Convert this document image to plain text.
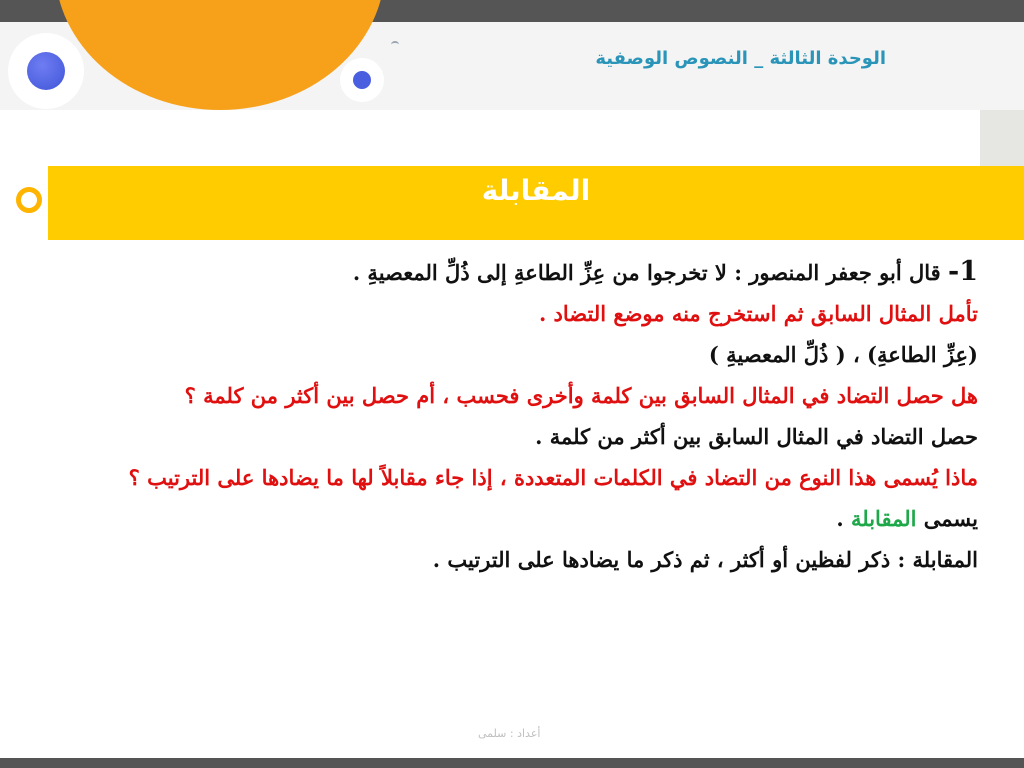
الوحدة الثالثة _ النصوص الوصفية
المقابلة

1- قال أبو جعفر المنصور : لا تخرجوا من عِزِّ الطاعةِ إلى ذُلِّ المعصيةِ .

تأمل المثال السابق ثم استخرج منه موضع التضاد .

(عِزِّ الطاعةِ) ، ( ذُلِّ المعصيةِ )

هل حصل التضاد في المثال السابق بين كلمة وأخرى فحسب ، أم حصل بين أكثر من كلمة ؟

حصل التضاد في المثال السابق بين أكثر من كلمة .

ماذا يُسمى هذا النوع من التضاد في الكلمات المتعددة ، إذا جاء مقابلاً لها ما يضادها على الترتيب ؟

يسمى المقابلة .

المقابلة : ذكر لفظين أو أكثر ، ثم ذكر ما يضادها على الترتيب .

أعداد : سلمى
